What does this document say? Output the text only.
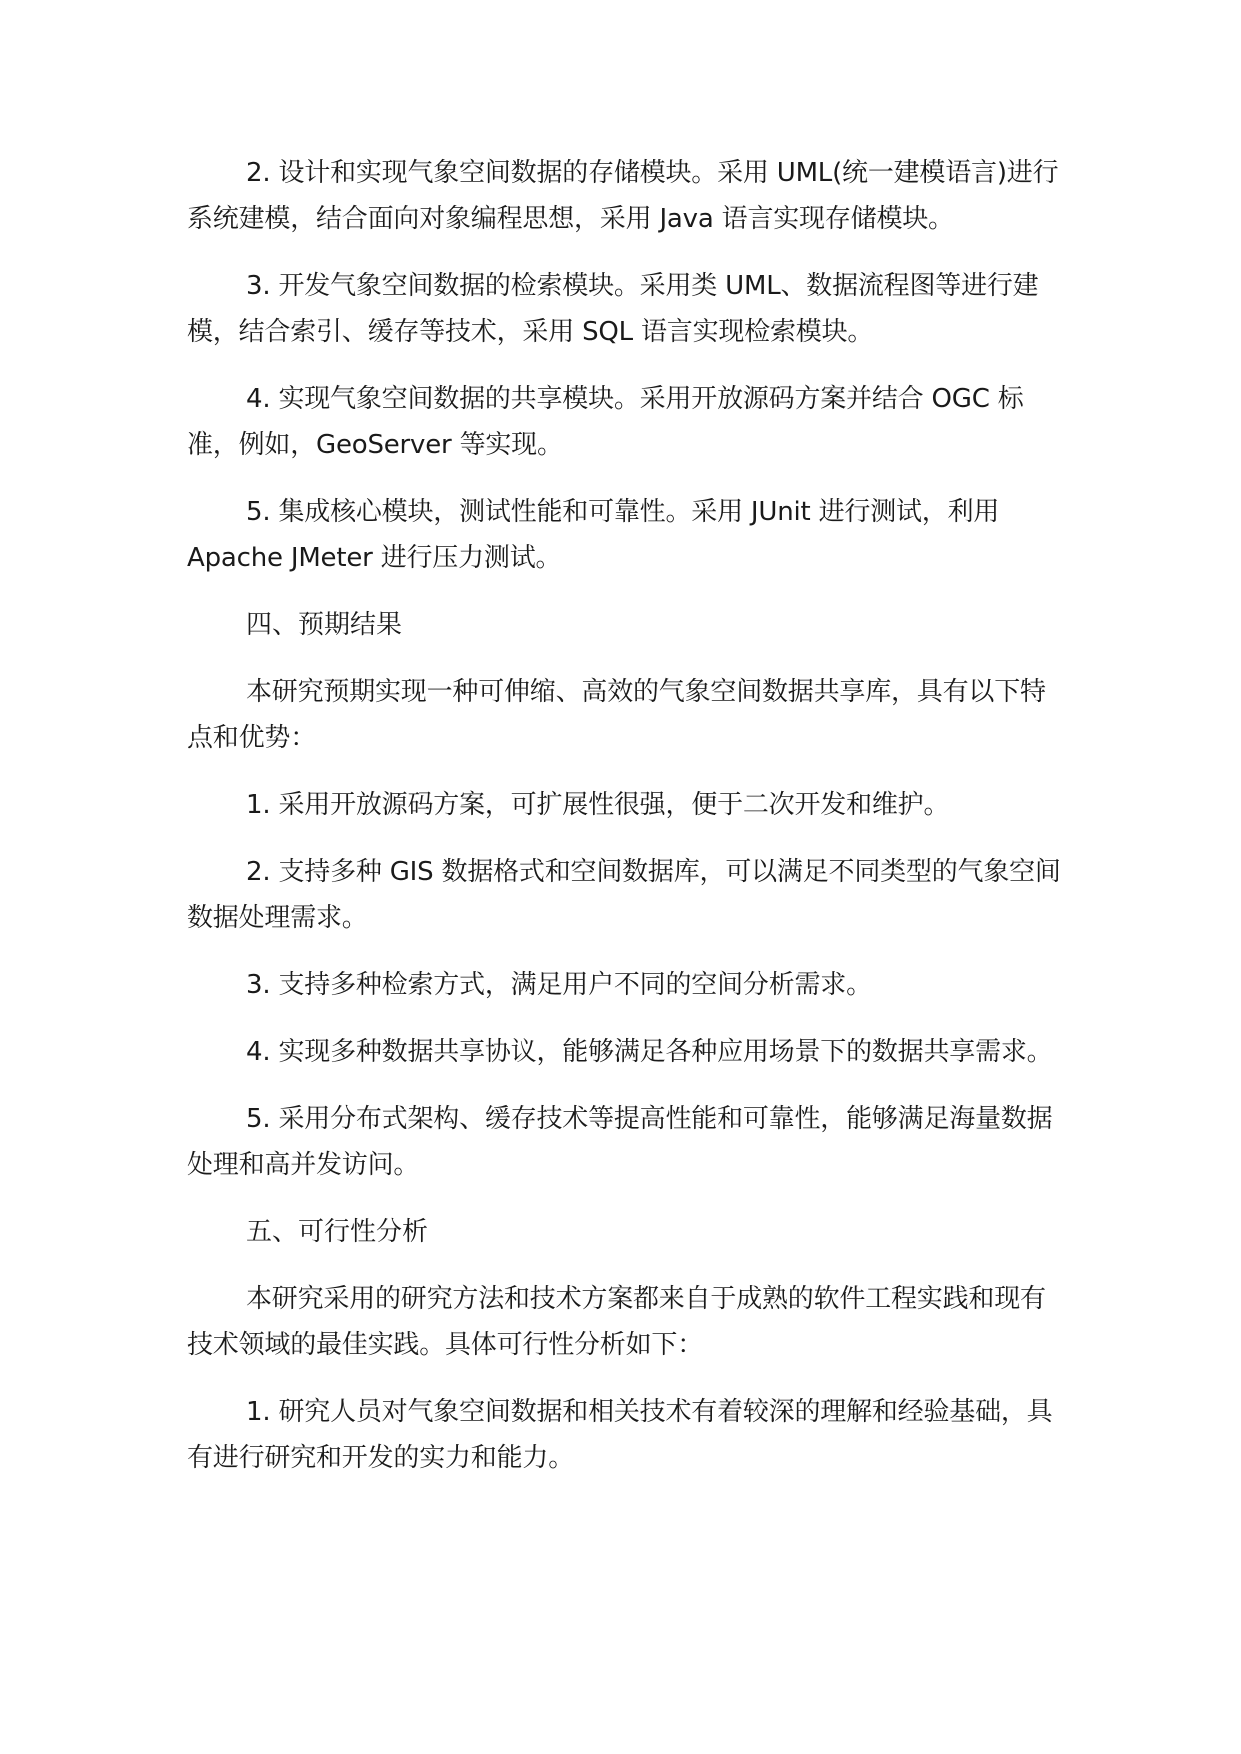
2. 设计和实现气象空间数据的存储模块。采用 UML(统一建模语言)进行系统建模，结合面向对象编程思想，采用 Java 语言实现存储模块。

3. 开发气象空间数据的检索模块。采用类 UML、数据流程图等进行建模，结合索引、缓存等技术，采用 SQL 语言实现检索模块。

4. 实现气象空间数据的共享模块。采用开放源码方案并结合 OGC 标准，例如，GeoServer 等实现。

5. 集成核心模块，测试性能和可靠性。采用 JUnit 进行测试，利用 Apache JMeter 进行压力测试。

四、预期结果

本研究预期实现一种可伸缩、高效的气象空间数据共享库，具有以下特点和优势：

1. 采用开放源码方案，可扩展性很强，便于二次开发和维护。

2. 支持多种 GIS 数据格式和空间数据库，可以满足不同类型的气象空间数据处理需求。

3. 支持多种检索方式，满足用户不同的空间分析需求。

4. 实现多种数据共享协议，能够满足各种应用场景下的数据共享需求。

5. 采用分布式架构、缓存技术等提高性能和可靠性，能够满足海量数据处理和高并发访问。

五、可行性分析

本研究采用的研究方法和技术方案都来自于成熟的软件工程实践和现有技术领域的最佳实践。具体可行性分析如下：

1. 研究人员对气象空间数据和相关技术有着较深的理解和经验基础，具有进行研究和开发的实力和能力。
